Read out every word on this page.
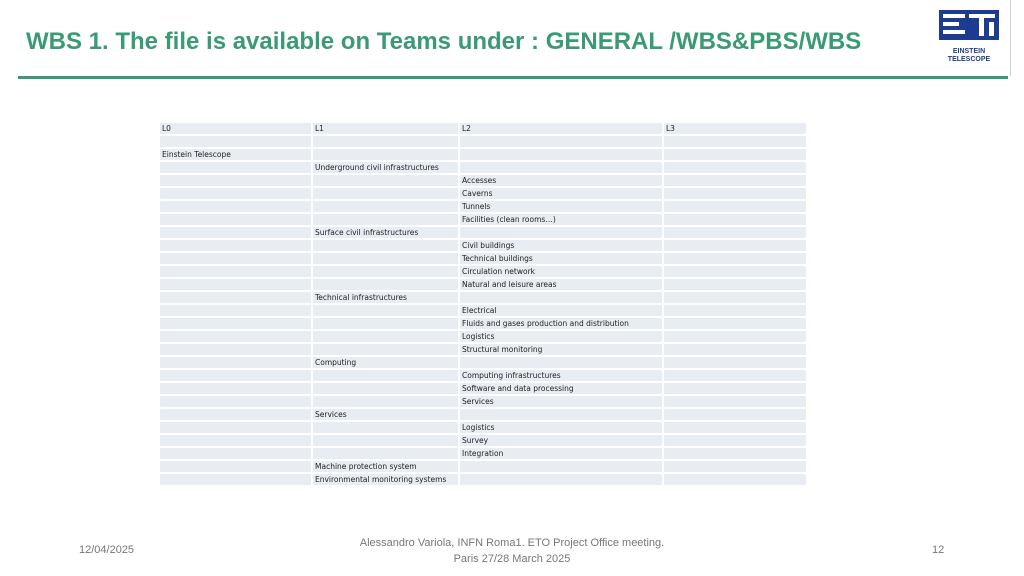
WBS 1. The file is available on Teams under : GENERAL /WBS&PBS/WBS	EINSTEIN
TELESCOPE
L0	L1	L2	L3

Einstein Telescope			
	Underground civil infrastructures		
		Accesses	
		Caverns	
		Tunnels	
		Facilities (clean rooms…)	
	Surface civil infrastructures		
		Civil buildings	
		Technical buildings	
		Circulation network	
		Natural and leisure areas	
	Technical infrastructures		
		Electrical	
		Fluids and gases production and distribution	
		Logistics	
		Structural monitoring	
	Computing		
		Computing infrastructures	
		Software and data processing	
		Services	
	Services		
		Logistics	
		Survey	
		Integration	
	Machine protection system		
	Environmental monitoring systems		
12/04/2025
Alessandro Variola, INFN Roma1. ETO Project Office meeting.
Paris 27/28 March 2025
12
